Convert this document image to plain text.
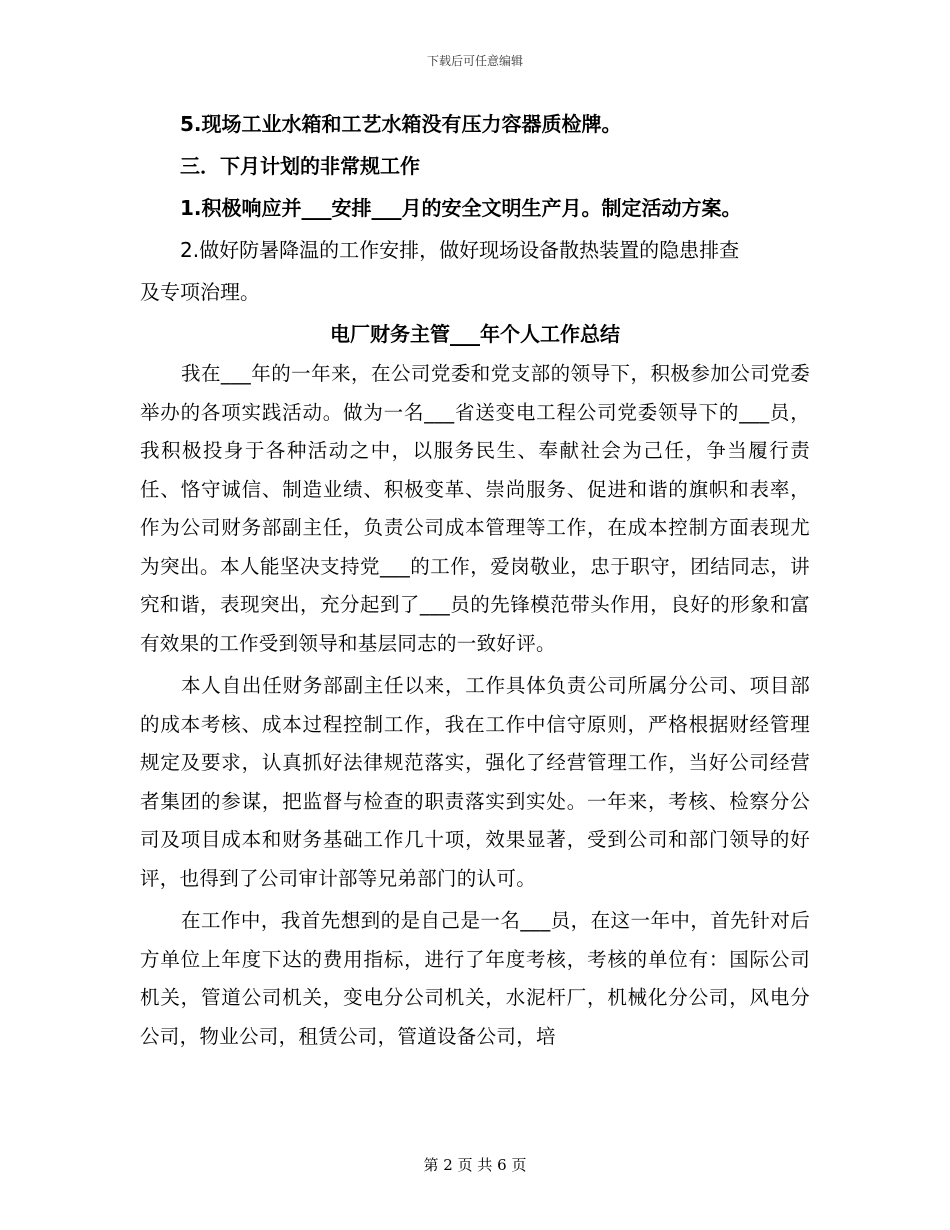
下载后可任意编辑

5.现场工业水箱和工艺水箱没有压力容器质检牌。

三．下月计划的非常规工作

1.积极响应并___安排___月的安全文明生产月。制定活动方案。

2.做好防暑降温的工作安排，做好现场设备散热装置的隐患排查

及专项治理。

电厂财务主管___年个人工作总结

我在___年的一年来，在公司党委和党支部的领导下，积极参加公司党委举办的各项实践活动。做为一名___省送变电工程公司党委领导下的___员，我积极投身于各种活动之中，以服务民生、奉献社会为己任，争当履行责任、恪守诚信、制造业绩、积极变革、崇尚服务、促进和谐的旗帜和表率，作为公司财务部副主任，负责公司成本管理等工作，在成本控制方面表现尤为突出。本人能坚决支持党___的工作，爱岗敬业，忠于职守，团结同志，讲究和谐，表现突出，充分起到了___员的先锋模范带头作用，良好的形象和富有效果的工作受到领导和基层同志的一致好评。

本人自出任财务部副主任以来，工作具体负责公司所属分公司、项目部的成本考核、成本过程控制工作，我在工作中信守原则，严格根据财经管理规定及要求，认真抓好法律规范落实，强化了经营管理工作，当好公司经营者集团的参谋，把监督与检查的职责落实到实处。一年来，考核、检察分公司及项目成本和财务基础工作几十项，效果显著，受到公司和部门领导的好评，也得到了公司审计部等兄弟部门的认可。

在工作中，我首先想到的是自己是一名___员，在这一年中，首先针对后方单位上年度下达的费用指标，进行了年度考核，考核的单位有：国际公司机关，管道公司机关，变电分公司机关，水泥杆厂，机械化分公司，风电分公司，物业公司，租赁公司，管道设备公司，培

第 2 页 共 6 页
